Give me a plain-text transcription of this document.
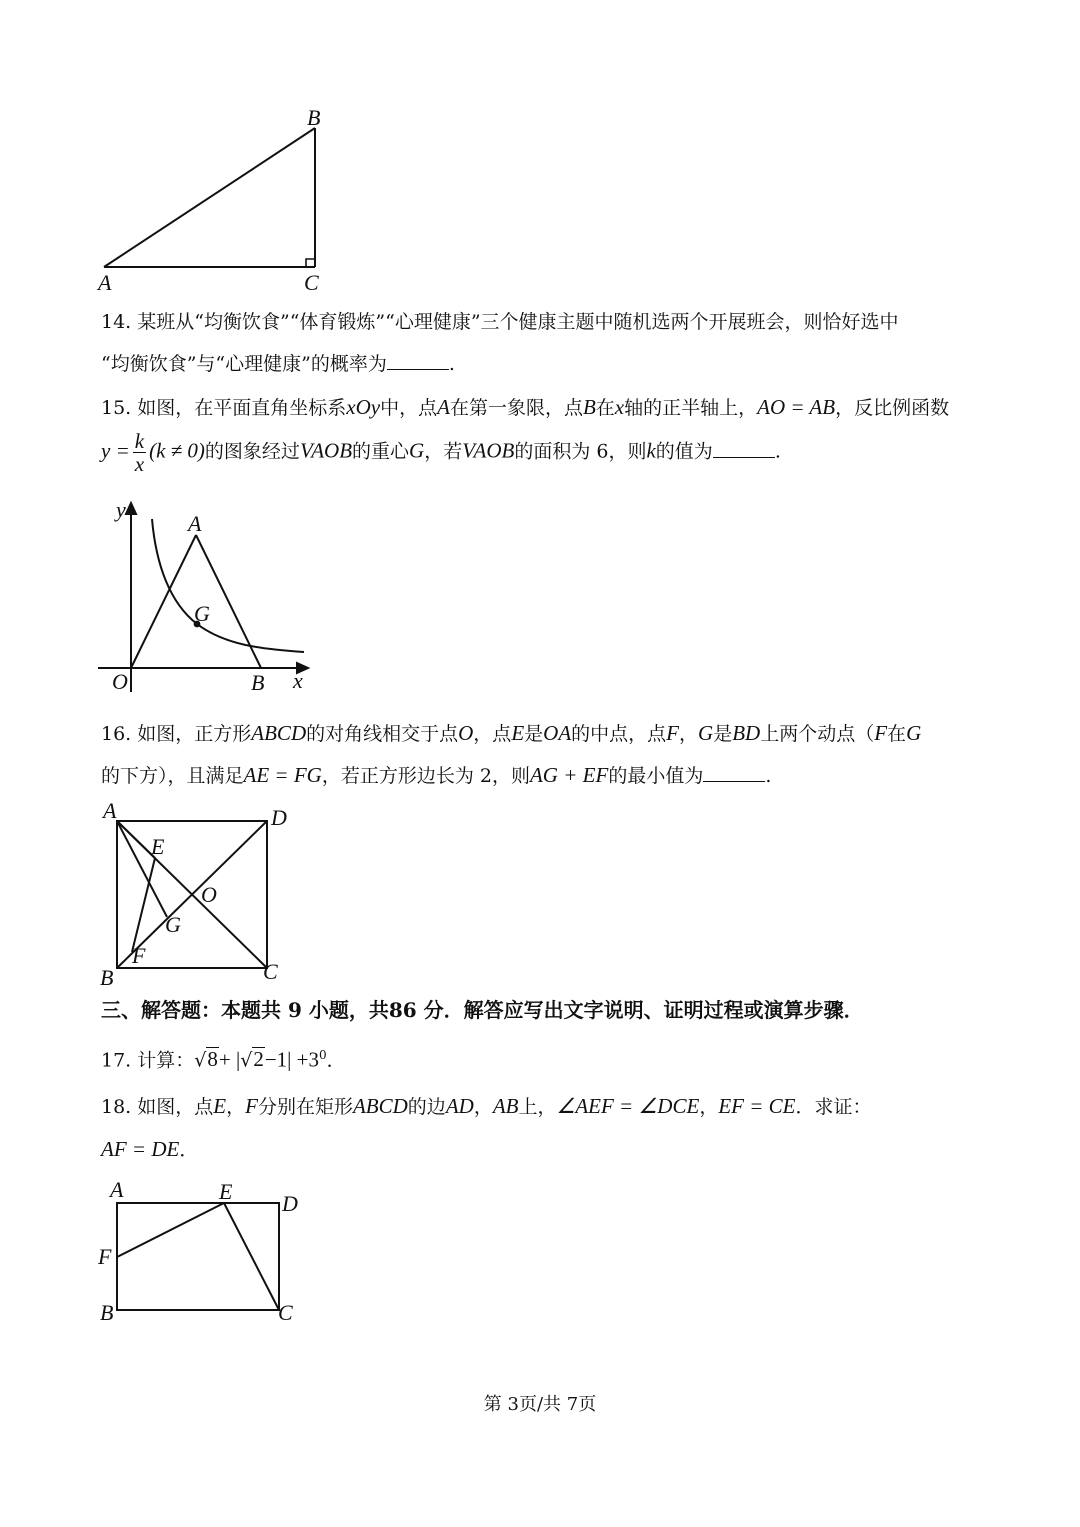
B
A	C
14. 某班从“均衡饮食”“体育锻炼”“心理健康”三个健康主题中随机选两个开展班会，则恰好选中
“均衡饮食”与“心理健康”的概率为	.
15. 如图，在平面直角坐标系xOy中，点A在第一象限，点B在x轴的正半轴上，AO = AB，反比例函数
$y = \frac{k}{x} (k \ne 0)$的图象经过VAOB的重心G，若VAOB的面积为 6，则k的值为	.
y
A
G
O	B x
16. 如图，正方形ABCD的对角线相交于点O，点E是OA的中点，点F，G是BD上两个动点（F在G
的下方），且满足AE = FG，若正方形边长为 2，则AG + EF的最小值为	.
A	D
E
O
G
F
B	C
三、解答题：本题共 9 小题，共86 分．解答应写出文字说明、证明过程或演算步骤．
17. 计算：$√8+ |√2-1| +3^0$．
18. 如图，点E，F分别在矩形ABCD的边AD，AB上，∠AEF = ∠DCE，EF = CE．求证：
AF = DE．
A	E D
F
B	C
第 3页/共 7页
